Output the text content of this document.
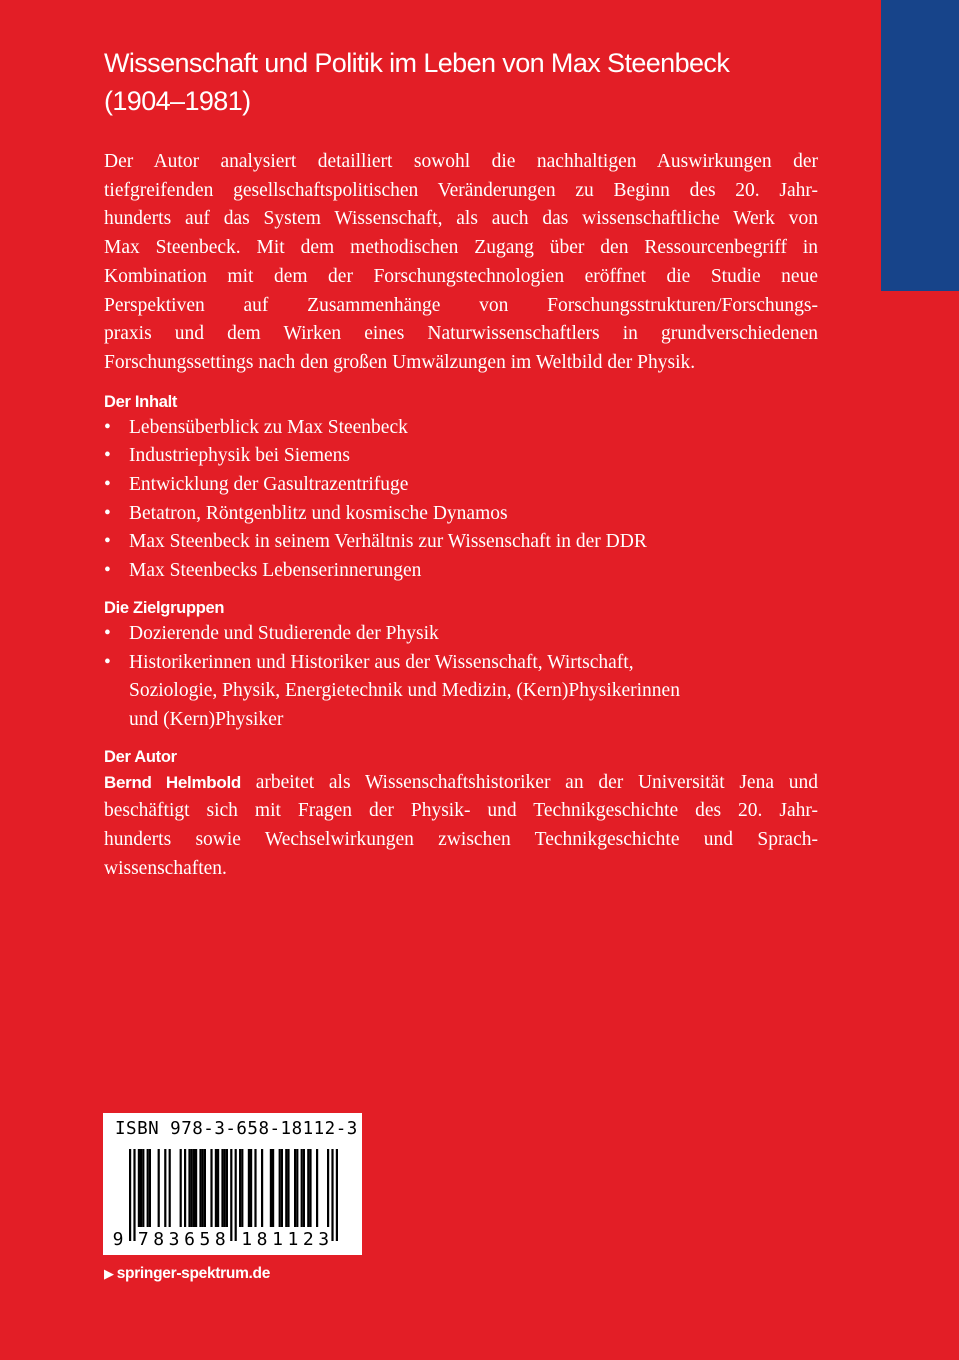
Wissenschaft und Politik im Leben von Max Steenbeck
(1904–1981)

Der Autor analysiert detailliert sowohl die nachhaltigen Auswirkungen der
tiefgreifenden gesellschaftspolitischen Veränderungen zu Beginn des 20. Jahr-
hunderts auf das System Wissenschaft, als auch das wissenschaftliche Werk von
Max Steenbeck. Mit dem methodischen Zugang über den Ressourcenbegriff in
Kombination mit dem der Forschungstechnologien eröffnet die Studie neue
Perspektiven auf Zusammenhänge von Forschungsstrukturen/Forschungs-
praxis und dem Wirken eines Naturwissenschaftlers in grundverschiedenen
Forschungssettings nach den großen Umwälzungen im Weltbild der Physik.

Der Inhalt
• Lebensüberblick zu Max Steenbeck
• Industriephysik bei Siemens
• Entwicklung der Gasultrazentrifuge
• Betatron, Röntgenblitz und kosmische Dynamos
• Max Steenbeck in seinem Verhältnis zur Wissenschaft in der DDR
• Max Steenbecks Lebenserinnerungen
Die Zielgruppen
• Dozierende und Studierende der Physik
• Historikerinnen und Historiker aus der Wissenschaft, Wirtschaft,
Soziologie, Physik, Energietechnik und Medizin, (Kern)Physikerinnen
und (Kern)Physiker
Der Autor

Bernd Helmbold arbeitet als Wissenschaftshistoriker an der Universität Jena und
beschäftigt sich mit Fragen der Physik- und Technikgeschichte des 20. Jahr-
hunderts sowie Wechselwirkungen zwischen Technikgeschichte und Sprach-
wissenschaften.

9 7 8 3 6 5 8 1 8 1 1 2 3
ISBN 978-3-658-18112-3
▶ springer-spektrum.de
